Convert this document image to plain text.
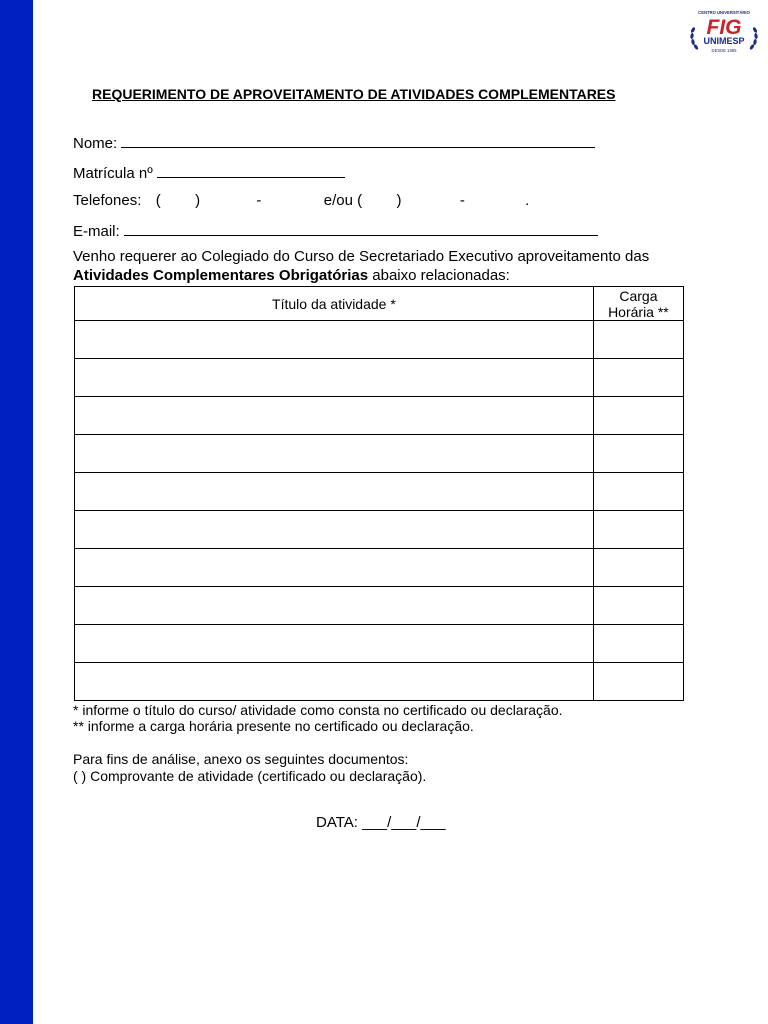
CENTRO UNIVERSITÁRIO
FIG
UNIMESP
DESDE 1965
REQUERIMENTO DE APROVEITAMENTO DE ATIVIDADES COMPLEMENTARES
Nome:
Matrícula nº
Telefones: ( )	-	e/ou ( )	-	.
E-mail:
Venho requerer ao Colegiado do Curso de Secretariado Executivo aproveitamento das
Atividades Complementares Obrigatórias abaixo relacionadas:
Título da atividade *	Carga
Horária **

* informe o título do curso/ atividade como consta no certificado ou declaração.
** informe a carga horária presente no certificado ou declaração.
Para fins de análise, anexo os seguintes documentos:
( ) Comprovante de atividade (certificado ou declaração).
DATA: ___/___/___
